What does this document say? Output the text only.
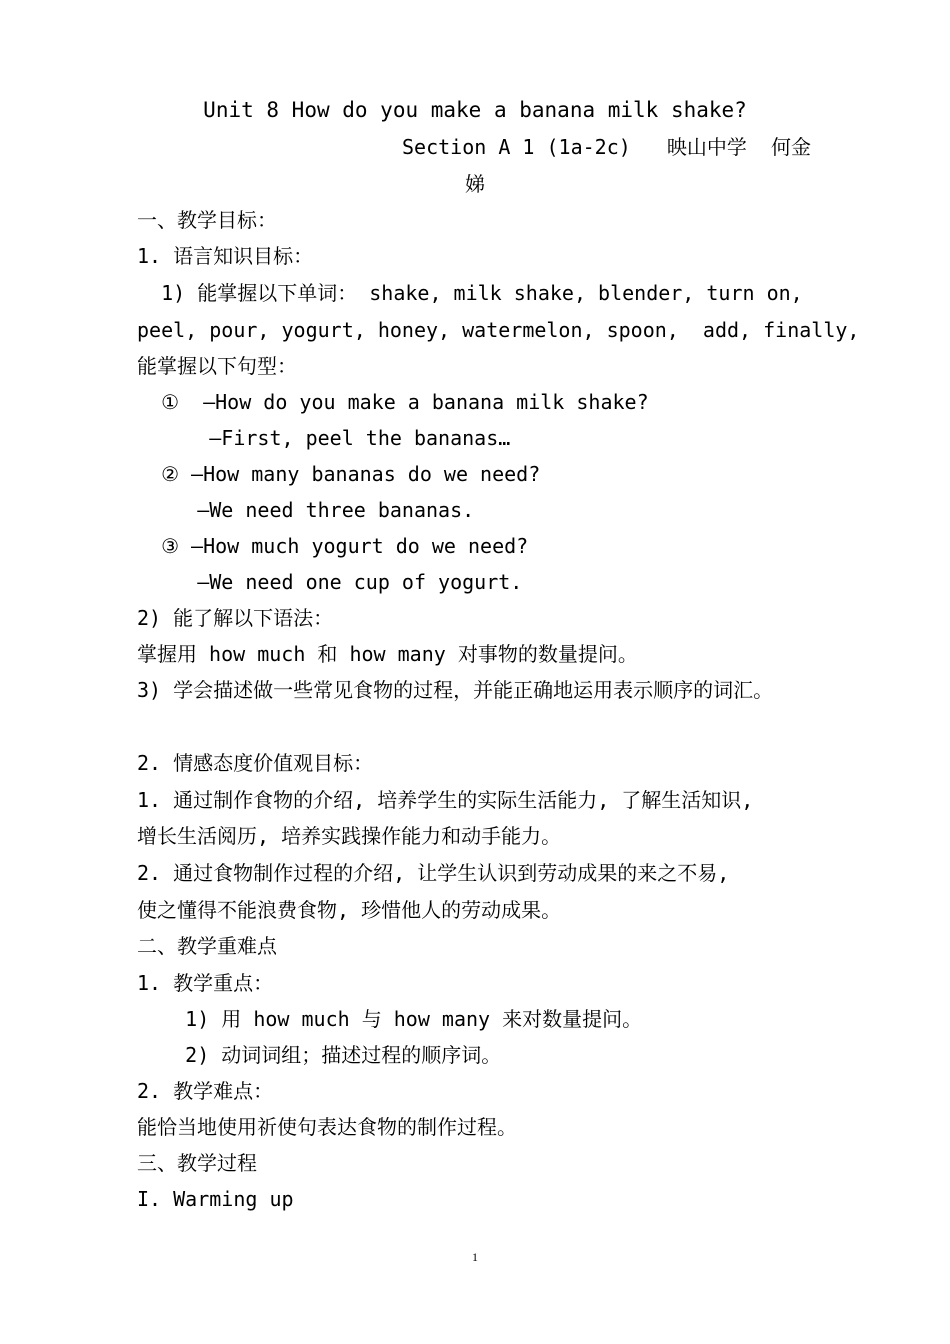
Unit 8 How do you make a banana milk shake?
Section A 1 (1a-2c)   映山中学  何金
娣
一、教学目标：
1. 语言知识目标：
1) 能掌握以下单词： shake, milk shake, blender, turn on,
peel, pour, yogurt, honey, watermelon, spoon,  add, finally,
能掌握以下句型：
①  —How do you make a banana milk shake?
—First, peel the bananas…
② —How many bananas do we need?
—We need three bananas.
③ —How much yogurt do we need?
—We need one cup of yogurt.
2) 能了解以下语法：
掌握用 how much 和 how many 对事物的数量提问。
3) 学会描述做一些常见食物的过程，并能正确地运用表示顺序的词汇。
2. 情感态度价值观目标：
1. 通过制作食物的介绍, 培养学生的实际生活能力, 了解生活知识,
增长生活阅历, 培养实践操作能力和动手能力。
2. 通过食物制作过程的介绍, 让学生认识到劳动成果的来之不易,
使之懂得不能浪费食物, 珍惜他人的劳动成果。
二、教学重难点
1. 教学重点：
1) 用 how much 与 how many 来对数量提问。
2) 动词词组；描述过程的顺序词。
2. 教学难点：
能恰当地使用祈使句表达食物的制作过程。
三、教学过程
I. Warming up
1
